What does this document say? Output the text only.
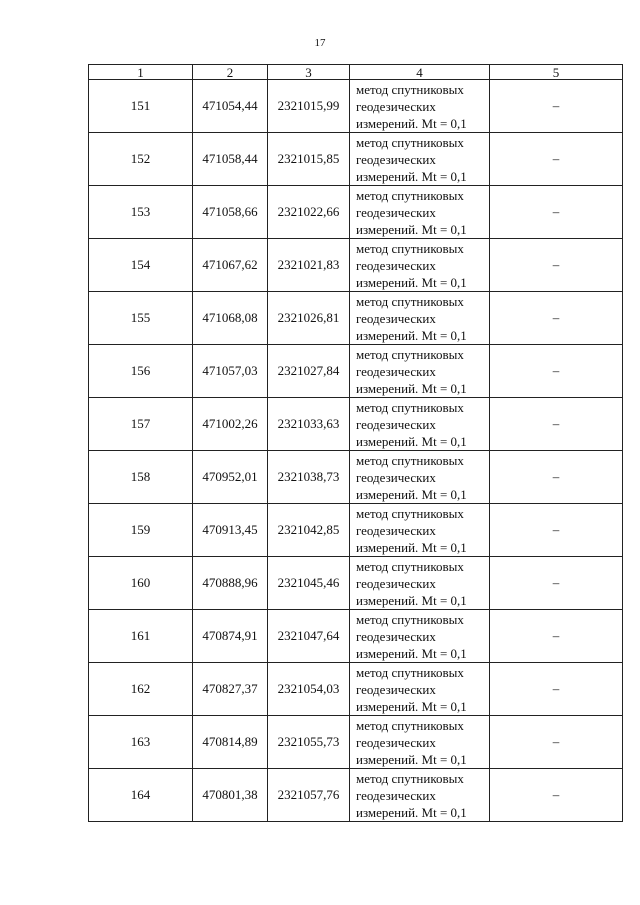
17
1	2	3	4	5
151	471054,44	2321015,99	метод спутниковых
геодезических
измерений. Mt = 0,1	–
152	471058,44	2321015,85	метод спутниковых
геодезических
измерений. Mt = 0,1	–
153	471058,66	2321022,66	метод спутниковых
геодезических
измерений. Mt = 0,1	–
154	471067,62	2321021,83	метод спутниковых
геодезических
измерений. Mt = 0,1	–
155	471068,08	2321026,81	метод спутниковых
геодезических
измерений. Mt = 0,1	–
156	471057,03	2321027,84	метод спутниковых
геодезических
измерений. Mt = 0,1	–
157	471002,26	2321033,63	метод спутниковых
геодезических
измерений. Mt = 0,1	–
158	470952,01	2321038,73	метод спутниковых
геодезических
измерений. Mt = 0,1	–
159	470913,45	2321042,85	метод спутниковых
геодезических
измерений. Mt = 0,1	–
160	470888,96	2321045,46	метод спутниковых
геодезических
измерений. Mt = 0,1	–
161	470874,91	2321047,64	метод спутниковых
геодезических
измерений. Mt = 0,1	–
162	470827,37	2321054,03	метод спутниковых
геодезических
измерений. Mt = 0,1	–
163	470814,89	2321055,73	метод спутниковых
геодезических
измерений. Mt = 0,1	–
164	470801,38	2321057,76	метод спутниковых
геодезических
измерений. Mt = 0,1	–
